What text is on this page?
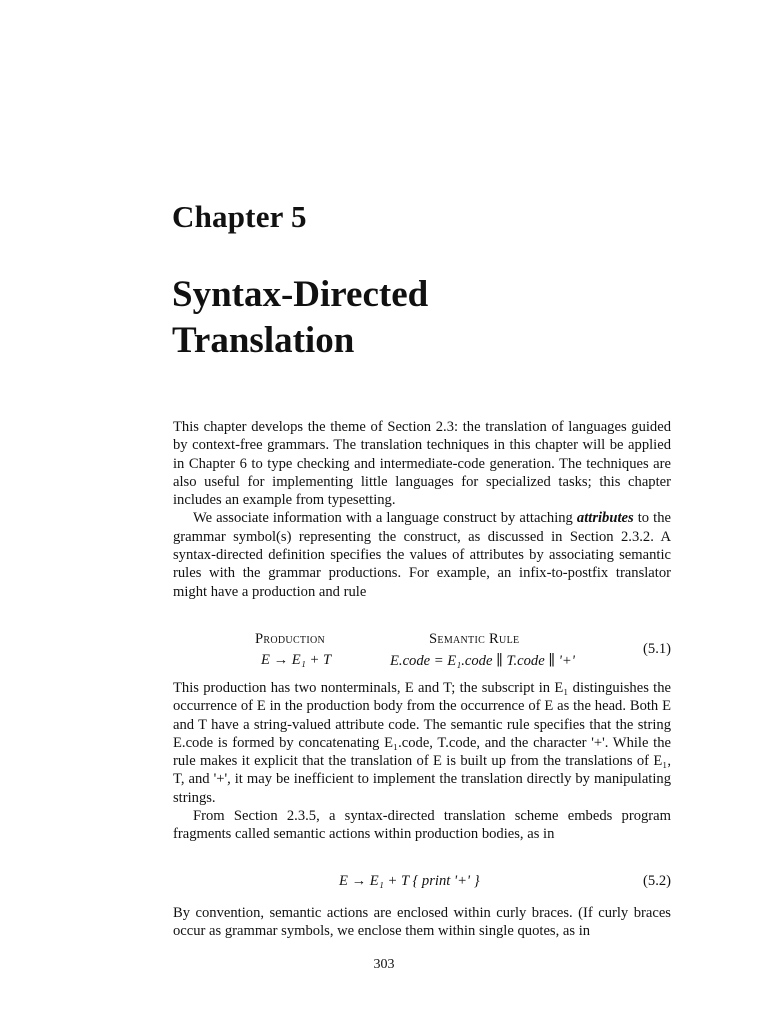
Chapter 5
Syntax-Directed
Translation

This chapter develops the theme of Section 2.3: the translation of languages guided by context-free grammars. The translation techniques in this chapter will be applied in Chapter 6 to type checking and intermediate-code generation. The techniques are also useful for implementing little languages for specialized tasks; this chapter includes an example from typesetting.

We associate information with a language construct by attaching attributes to the grammar symbol(s) representing the construct, as discussed in Section 2.3.2. A syntax-directed definition specifies the values of attributes by associating semantic rules with the grammar productions. For example, an infix-to-postfix translator might have a production and rule

Production	Semantic Rule
E → E₁ + T	E.code = E₁.code ∥ T.code ∥ '+'
(5.1)

This production has two nonterminals, E and T; the subscript in E₁ distinguishes the occurrence of E in the production body from the occurrence of E as the head. Both E and T have a string-valued attribute code. The semantic rule specifies that the string E.code is formed by concatenating E₁.code, T.code, and the character '+'. While the rule makes it explicit that the translation of E is built up from the translations of E₁, T, and '+', it may be inefficient to implement the translation directly by manipulating strings.

From Section 2.3.5, a syntax-directed translation scheme embeds program fragments called semantic actions within production bodies, as in

E → E₁ + T { print '+' }	(5.2)

By convention, semantic actions are enclosed within curly braces. (If curly braces occur as grammar symbols, we enclose them within single quotes, as in

303
